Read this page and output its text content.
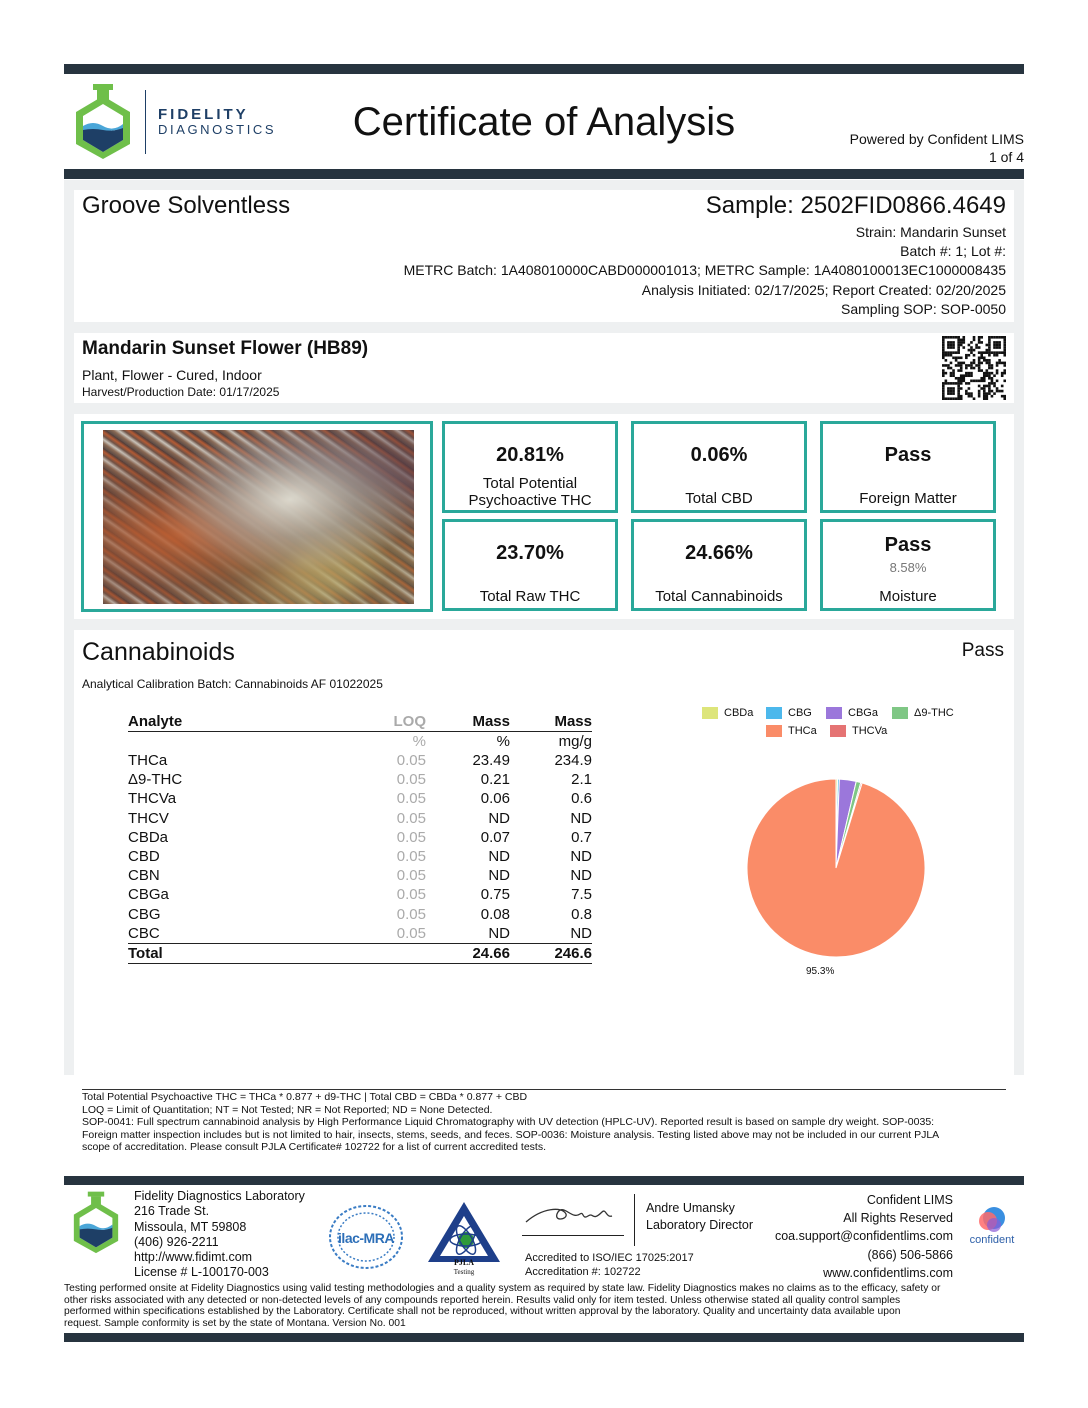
FIDELITY
DIAGNOSTICS	Certificate of Analysis	Powered by Confident LIMS
1 of 4
Groove Solventless	Sample: 2502FID0866.4649
Strain: Mandarin Sunset
Batch #: 1; Lot #:
METRC Batch: 1A408010000CABD000001013; METRC Sample: 1A4080100013EC1000008435
Analysis Initiated: 02/17/2025; Report Created: 02/20/2025
Sampling SOP: SOP-0050
Mandarin Sunset Flower (HB89)
Plant, Flower - Cured, Indoor
Harvest/Production Date: 01/17/2025
20.81%
Total Potential
Psychoactive THC
0.06%
Total CBD
Pass
Foreign Matter
23.70%
Total Raw THC
24.66%
Total Cannabinoids
Pass
8.58%
Moisture
Cannabinoids	Pass
Analytical Calibration Batch: Cannabinoids AF 01022025
Analyte	LOQ	Mass	Mass
	%	%	mg/g
THCa	0.05	23.49	234.9
Δ9-THC	0.05	0.21	2.1
THCVa	0.05	0.06	0.6
THCV	0.05	ND	ND
CBDa	0.05	0.07	0.7
CBD	0.05	ND	ND
CBN	0.05	ND	ND
CBGa	0.05	0.75	7.5
CBG	0.05	0.08	0.8
CBC	0.05	ND	ND
Total		24.66	246.6
CBDa	CBG	CBGa	Δ9-THC
THCa	THCVa
95.3%
Total Potential Psychoactive THC = THCa * 0.877 + d9-THC | Total CBD = CBDa * 0.877 + CBD
LOQ = Limit of Quantitation; NT = Not Tested; NR = Not Reported; ND = None Detected.
SOP-0041: Full spectrum cannabinoid analysis by High Performance Liquid Chromatography with UV detection (HPLC-UV). Reported result is based on sample dry weight. SOP-0035:
Foreign matter inspection includes but is not limited to hair, insects, stems, seeds, and feces. SOP-0036: Moisture analysis. Testing listed above may not be included in our current PJLA
scope of accreditation. Please consult PJLA Certificate# 102722 for a list of current accredited tests.
Fidelity Diagnostics Laboratory
216 Trade St.
Missoula, MT 59808
(406) 926-2211
http://www.fidimt.com
License # L-100170-003
ilac-MRA
PJLA
Testing
Andre Umansky
Laboratory Director
Accredited to ISO/IEC 17025:2017
Accreditation #: 102722
Confident LIMS
All Rights Reserved
coa.support@confidentlims.com
(866) 506-5866
www.confidentlims.com
confident
Testing performed onsite at Fidelity Diagnostics using valid testing methodologies and a quality system as required by state law. Fidelity Diagnostics makes no claims as to the efficacy, safety or
other risks associated with any detected or non-detected levels of any compounds reported herein. Results valid only for item tested. Unless otherwise stated all quality control samples
performed within specifications established by the Laboratory. Certificate shall not be reproduced, without written approval by the laboratory. Quality and uncertainty data available upon
request. Sample conformity is set by the state of Montana. Version No. 001
